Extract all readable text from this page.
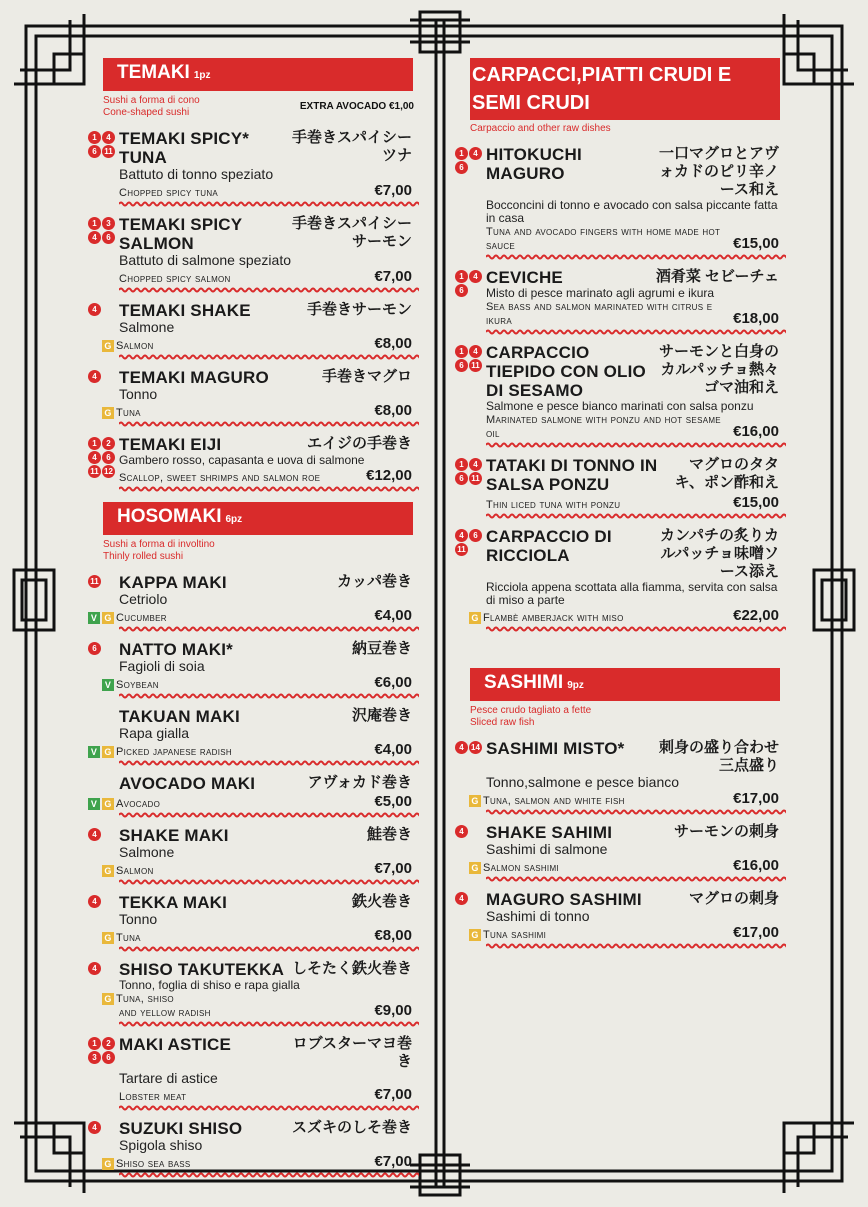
TEMAKI 1pz
Sushi a forma di cono
Cone-shaped sushi
EXTRA AVOCADO €1,00
1	4
6 11
TEMAKI SPICY* TUNA
手巻きスパイシーツナ
Battuto di tonno speziato
Chopped spicy tuna	€7,00
1	3
4	6
TEMAKI SPICY SALMON
手巻きスパイシーサーモン
Battuto di salmone speziato
Chopped spicy salmon	€7,00
4 TEMAKI SHAKE	手巻きサーモン
Salmone
G Salmon	€8,00
4 TEMAKI MAGURO	手巻きマグロ
Tonno
G Tuna	€8,00
1	2
4	6
11 12
TEMAKI EIJI	エイジの手巻き
Gambero rosso, capasanta e uova di salmone
Scallop, sweet shrimps and salmon roe	€12,00
HOSOMAKI 6pz
Sushi a forma di involtino
Thinly rolled sushi
11 KAPPA MAKI	カッパ巻き
Cetriolo
V G Cucumber	€4,00
6 NATTO MAKI*	納豆巻き
Fagioli di soia
V Soybean	€6,00
TAKUAN MAKI	沢庵巻き
Rapa gialla
V G Picked japanese radish	€4,00
AVOCADO MAKI	アヴォカド巻き
V G Avocado	€5,00
4 SHAKE MAKI	鮭巻き
Salmone
G Salmon	€7,00
4 TEKKA MAKI	鉄火巻き
Tonno
G Tuna	€8,00
4 SHISO TAKUTEKKA しそたく鉄火巻き
Tonno, foglia di shiso e rapa gialla
G Tuna, shiso
and yellow radish	€9,00
1	2
3	6
MAKI ASTICE	ロブスターマヨ巻き
Tartare di astice
Lobster meat	€7,00
4 SUZUKI SHISO	スズキのしそ巻き
Spigola shiso
G Shiso sea bass	€7,00
CARPACCI,PIATTI CRUDI E SEMI CRUDI
Carpaccio and other raw dishes
1	4
6
HITOKUCHI MAGURO
一口マグロとアヴォカドのピリ辛ノース和え
Bocconcini di tonno e avocado con salsa piccante fatta in casa
Tuna and avocado fingers with home made hot sauce	€15,00
1	4
6
CEVICHE	酒肴菜 セビーチェ
Misto di pesce marinato agli agrumi e ikura
Sea bass and salmon marinated with citrus e ikura	€18,00
1	4
6 11
CARPACCIO TIEPIDO CON OLIO DI SESAMO
サーモンと白身のカルパッチョ熱々ゴマ油和え
Salmone e pesce bianco marinati con salsa ponzu
Marinated salmone with ponzu and hot sesame oil	€16,00
1	4
6 11
TATAKI DI TONNO IN SALSA PONZU
マグロのタタキ、ポン酢和え
Thin liced tuna with ponzu	€15,00
4	6
11
CARPACCIO DI RICCIOLA
カンパチの炙りカルパッチョ味噌ソース添え
Ricciola appena scottata alla fiamma, servita con salsa di miso a parte
G Flambè amberjack with miso	€22,00
SASHIMI 9pz
Pesce crudo tagliato a fette
Sliced raw fish
4 14 SASHIMI MISTO*	刺身の盛り合わせ三点盛り
Tonno,salmone e pesce bianco
G Tuna, salmon and white fish	€17,00
4 SHAKE SAHIMI	サーモンの刺身
Sashimi di salmone
G Salmon sashimi	€16,00
4 MAGURO SASHIMI	マグロの刺身
Sashimi di tonno
G Tuna sashimi	€17,00
